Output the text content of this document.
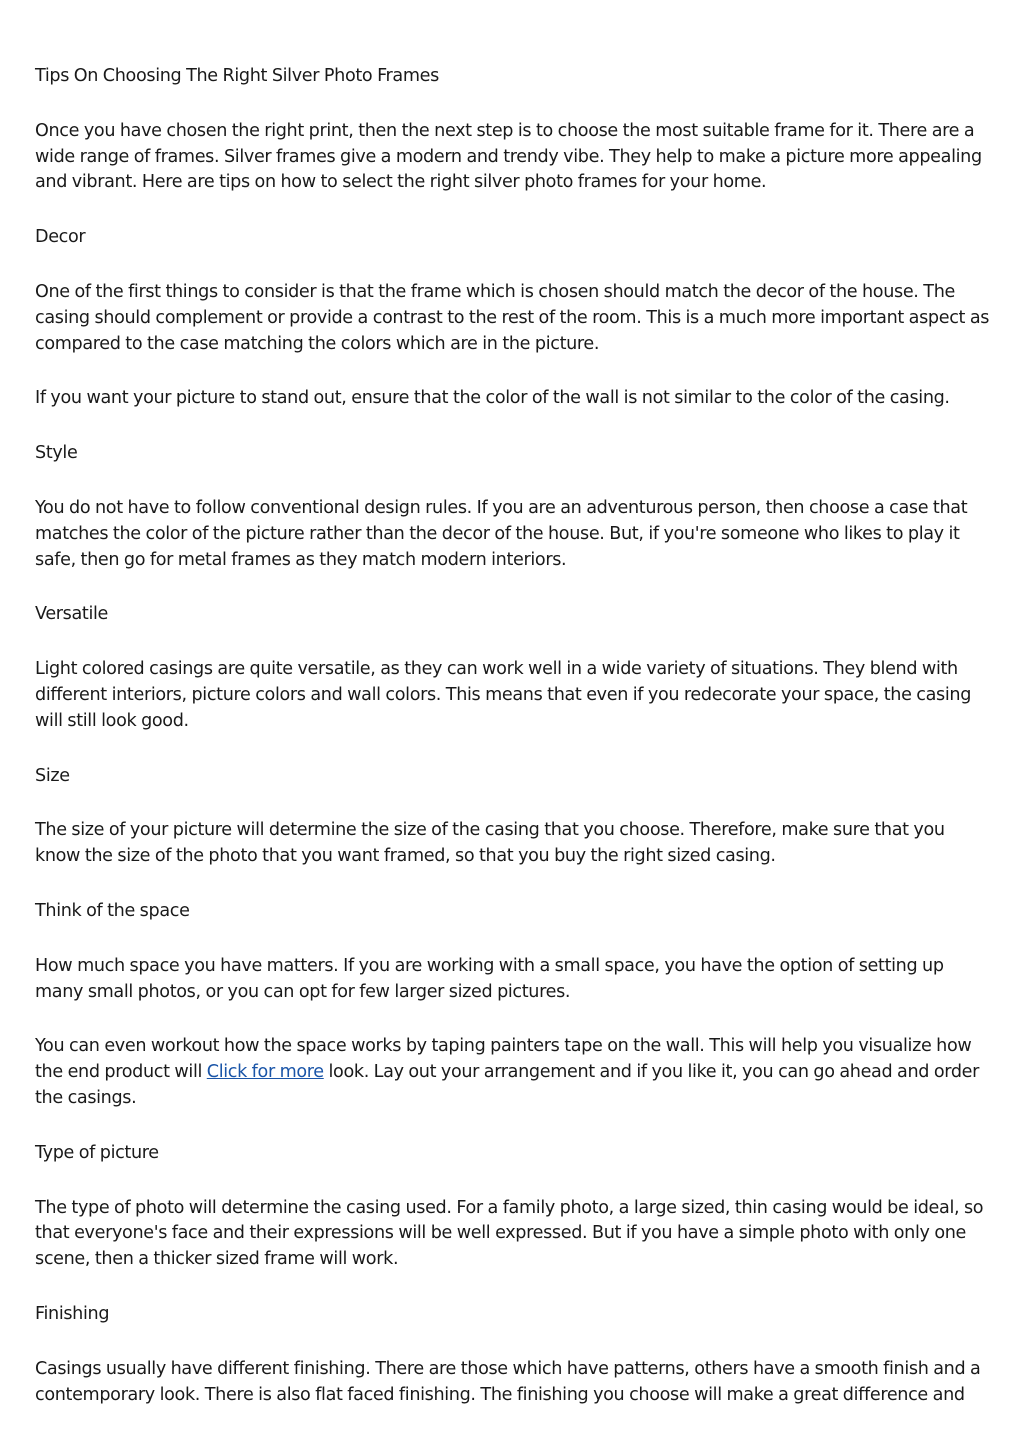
Tips On Choosing The Right Silver Photo Frames

Once you have chosen the right print, then the next step is to choose the most suitable frame for it. There are a wide range of frames. Silver frames give a modern and trendy vibe. They help to make a picture more appealing and vibrant. Here are tips on how to select the right silver photo frames for your home.

Decor

One of the first things to consider is that the frame which is chosen should match the decor of the house. The casing should complement or provide a contrast to the rest of the room. This is a much more important aspect as compared to the case matching the colors which are in the picture.

If you want your picture to stand out, ensure that the color of the wall is not similar to the color of the casing.

Style

You do not have to follow conventional design rules. If you are an adventurous person, then choose a case that matches the color of the picture rather than the decor of the house. But, if you're someone who likes to play it safe, then go for metal frames as they match modern interiors.

Versatile

Light colored casings are quite versatile, as they can work well in a wide variety of situations. They blend with different interiors, picture colors and wall colors. This means that even if you redecorate your space, the casing will still look good.

Size

The size of your picture will determine the size of the casing that you choose. Therefore, make sure that you know the size of the photo that you want framed, so that you buy the right sized casing.

Think of the space

How much space you have matters. If you are working with a small space, you have the option of setting up many small photos, or you can opt for few larger sized pictures.

You can even workout how the space works by taping painters tape on the wall. This will help you visualize how the end product will Click for more look. Lay out your arrangement and if you like it, you can go ahead and order the casings.

Type of picture

The type of photo will determine the casing used. For a family photo, a large sized, thin casing would be ideal, so that everyone's face and their expressions will be well expressed. But if you have a simple photo with only one scene, then a thicker sized frame will work.

Finishing

Casings usually have different finishing. There are those which have patterns, others have a smooth finish and a contemporary look. There is also flat faced finishing. The finishing you choose will make a great difference and
